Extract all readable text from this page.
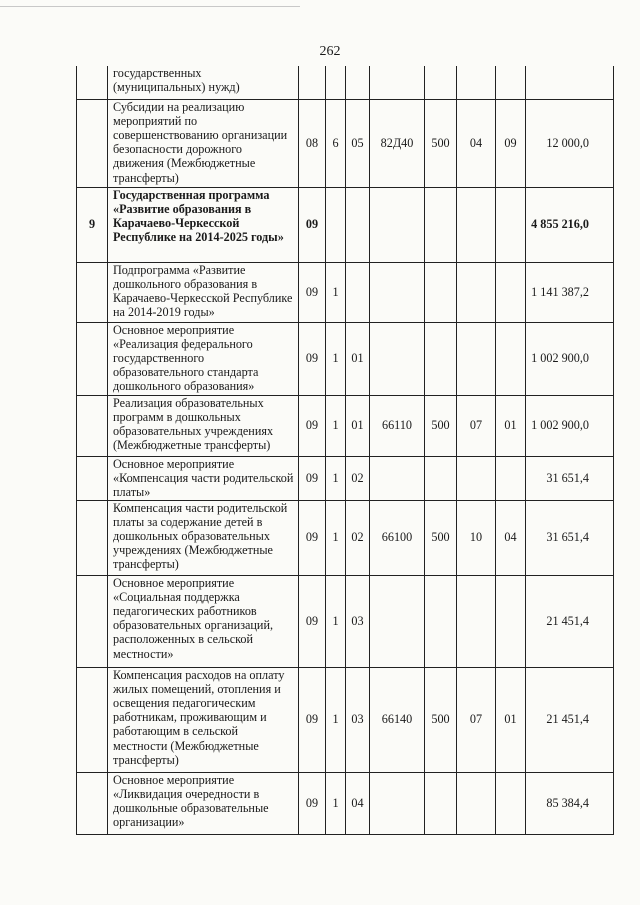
262
	государственных (муниципальных) нужд)								
	Субсидии на реализацию мероприятий по совершенствованию организации безопасности дорожного движения (Межбюджетные трансферты)	08	6	05	82Д40	500	04	09	12 000,0
9	Государственная программа «Развитие образования в Карачаево-Черкесской Республике на 2014-2025 годы»	09							4 855 216,0
	Подпрограмма «Развитие дошкольного образования в Карачаево-Черкесской Республике на 2014-2019 годы»	09	1						1 141 387,2
	Основное мероприятие «Реализация федерального государственного образовательного стандарта дошкольного образования»	09	1	01					1 002 900,0
	Реализация образовательных программ в дошкольных образовательных учреждениях (Межбюджетные трансферты)	09	1	01	66110	500	07	01	1 002 900,0
	Основное мероприятие «Компенсация части родительской платы»	09	1	02					31 651,4
	Компенсация части родительской платы за содержание детей в дошкольных образовательных учреждениях (Межбюджетные трансферты)	09	1	02	66100	500	10	04	31 651,4
	Основное мероприятие «Социальная поддержка педагогических работников образовательных организаций, расположенных в сельской местности»	09	1	03					21 451,4
	Компенсация расходов на оплату жилых помещений, отопления и освещения педагогическим работникам, проживающим и работающим в сельской местности (Межбюджетные трансферты)	09	1	03	66140	500	07	01	21 451,4
	Основное мероприятие «Ликвидация очередности в дошкольные образовательные организации»	09	1	04					85 384,4
